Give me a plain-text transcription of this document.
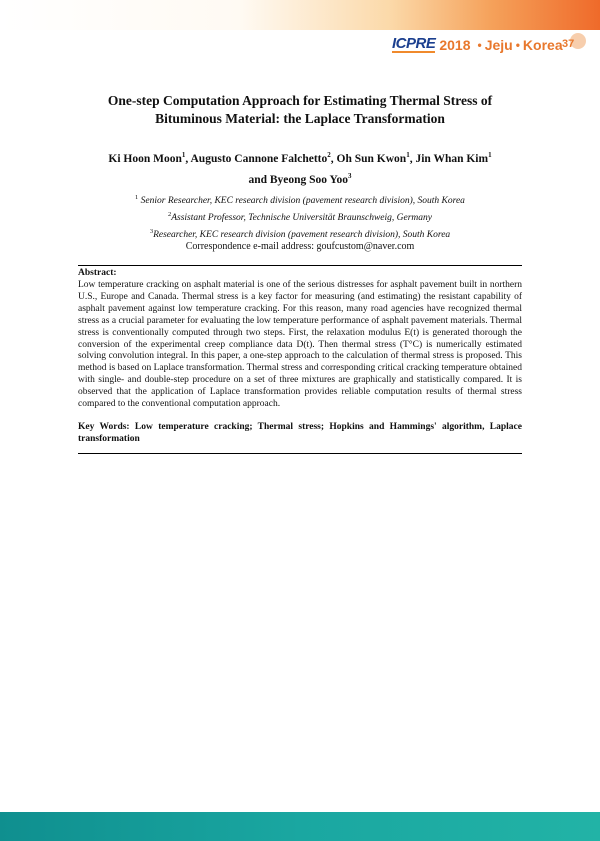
ICPRE 2018 • Jeju • Korea 37
One-step Computation Approach for Estimating Thermal Stress of
Bituminous Material: the Laplace Transformation
Ki Hoon Moon$^1$, Augusto Cannone Falchetto$^2$, Oh Sun Kwon$^1$, Jin Whan Kim$^1$
and Byeong Soo Yoo$^3$
$^1$ Senior Researcher, KEC research division (pavement research division), South Korea
$^2$Assistant Professor, Technische Universität Braunschweig, Germany
$^3$Researcher, KEC research division (pavement research division), South Korea
Correspondence e-mail address: goufcustom@naver.com
Abstract:
Low temperature cracking on asphalt material is one of the serious distresses for asphalt pavement built in northern U.S., Europe and Canada. Thermal stress is a key factor for measuring (and estimating) the resistant capability of asphalt pavement against low temperature cracking. For this reason, many road agencies have recognized thermal stress as a crucial parameter for evaluating the low temperature performance of asphalt pavement materials. Thermal stress is conventionally computed through two steps. First, the relaxation modulus E(t) is generated thorough the conversion of the experimental creep compliance data D(t). Then thermal stress (T°C) is numerically estimated solving convolution integral. In this paper, a one-step approach to the calculation of thermal stress is proposed. This method is based on Laplace transformation. Thermal stress and corresponding critical cracking temperature obtained with single- and double-step procedure on a set of three mixtures are graphically and statistically compared. It is observed that the application of Laplace transformation provides reliable computation results of thermal stress compared to the conventional computation approach.
Key Words: Low temperature cracking; Thermal stress; Hopkins and Hammings' algorithm, Laplace transformation
